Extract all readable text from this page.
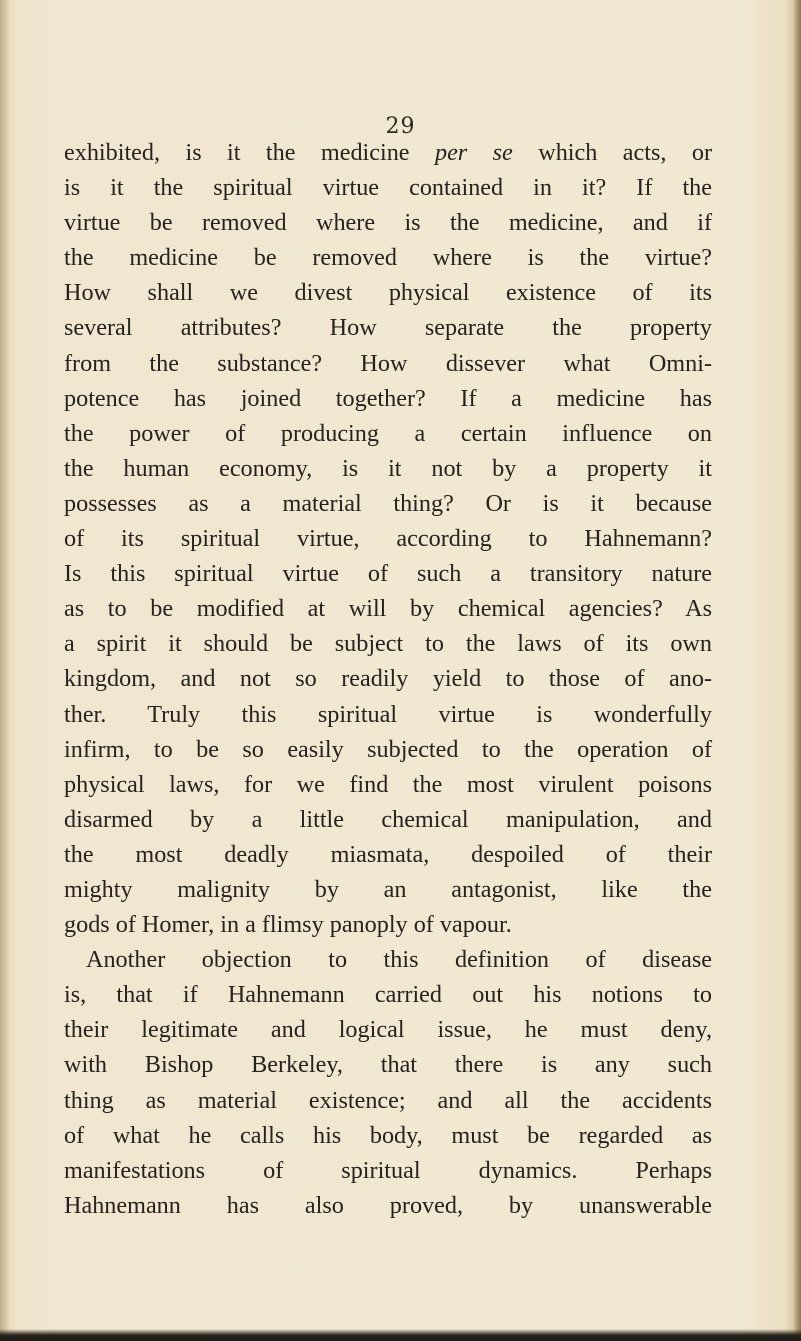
29
exhibited, is it the medicine per se which acts, or
is it the spiritual virtue contained in it? If the
virtue be removed where is the medicine, and if
the medicine be removed where is the virtue?
How shall we divest physical existence of its
several attributes? How separate the property
from the substance? How dissever what Omni-
potence has joined together? If a medicine has
the power of producing a certain influence on
the human economy, is it not by a property it
possesses as a material thing? Or is it because
of its spiritual virtue, according to Hahnemann?
Is this spiritual virtue of such a transitory nature
as to be modified at will by chemical agencies? As
a spirit it should be subject to the laws of its own
kingdom, and not so readily yield to those of ano-
ther. Truly this spiritual virtue is wonderfully
infirm, to be so easily subjected to the operation of
physical laws, for we find the most virulent poisons
disarmed by a little chemical manipulation, and
the most deadly miasmata, despoiled of their
mighty malignity by an antagonist, like the
gods of Homer, in a flimsy panoply of vapour.
Another objection to this definition of disease
is, that if Hahnemann carried out his notions to
their legitimate and logical issue, he must deny,
with Bishop Berkeley, that there is any such
thing as material existence; and all the accidents
of what he calls his body, must be regarded as
manifestations of spiritual dynamics. Perhaps
Hahnemann has also proved, by unanswerable
